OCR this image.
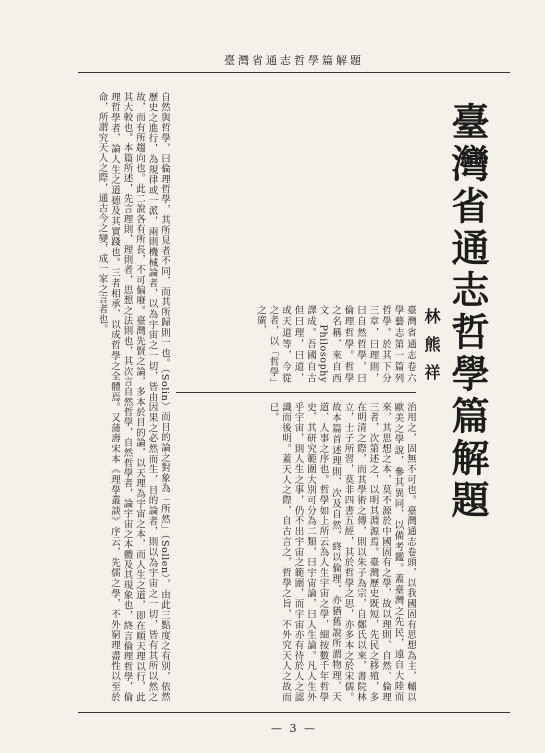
臺灣省通志哲學篇解題
臺灣省通志哲學篇解題
林熊祥
臺灣省通志卷六學藝志第一篇列哲學。於其下分三章，曰理則，曰自然哲學，曰倫理哲學。哲學之名稱，來自西文 Philosophy 譯成。吾國自古但曰理，曰道，或天道等，今從之者，以「哲學」之廣，
治用之，固無不可也。臺灣通志卷頭，以我國固有思想為主，輔以歐美之學說，參其異同，以備考鑑。蓋臺灣之先民，遠自大陸而來，其思想之本，莫不源於中國固有之學，故以理則、自然、倫理三者，次第述之，以明其淵源焉。臺灣歷史既短，先民之移殖，多在明清之際，而其學術之傳，則以朱子為宗，自鄭氏以來，書院林立，士子所習，莫非四書五經，其於哲學之思，亦多本之於宋儒。故本篇首述理則，次及自然，終以倫理，亦猶舊說所謂物理、天道、人事之序也。哲學如上所云為人生宇宙之學，細按數千年哲學史，其研究範圍大別可分為二類，曰宇宙論，曰人生論。凡人生外乎宇宙，則人生之事，仍不出宇宙之範圍，而宇宙亦有待於人之認識而後明。蓋天人之際，自古言之，哲學之旨，不外究天人之故而已。
自然與哲學，曰倫理哲學，其所見者不同，而其所歸則一也。（Solin）而目的論之對象為「所然」（Sollen），由此三點度之有別，依然歷史之進行，為規律或一派，兩則機械論者，以為宇宙之一切，皆由因果之必然而生，目的論者，則以為宇宙之一切，皆有其所以然之故，而有所趨向也。此二說各有所長，不可偏廢。臺灣先賢之論，多本於目的論，以天理為宇宙之本，而人生之道，即在順天理以行，此其大較也。本篇所述，先言理則，理則者，思想之法則也，其次言自然哲學，自然哲學者，論宇宙之本體及其現象也，終言倫理哲學，倫理哲學者，論人生之道德及其實踐也。三者相承，以成哲學之全體焉。又蒲壽宋本《理學叢談》序云，先儒之學，不外窮理盡性以至於命，所謂究天人之際，通古今之變，成一家之言者也。
— 3 —
